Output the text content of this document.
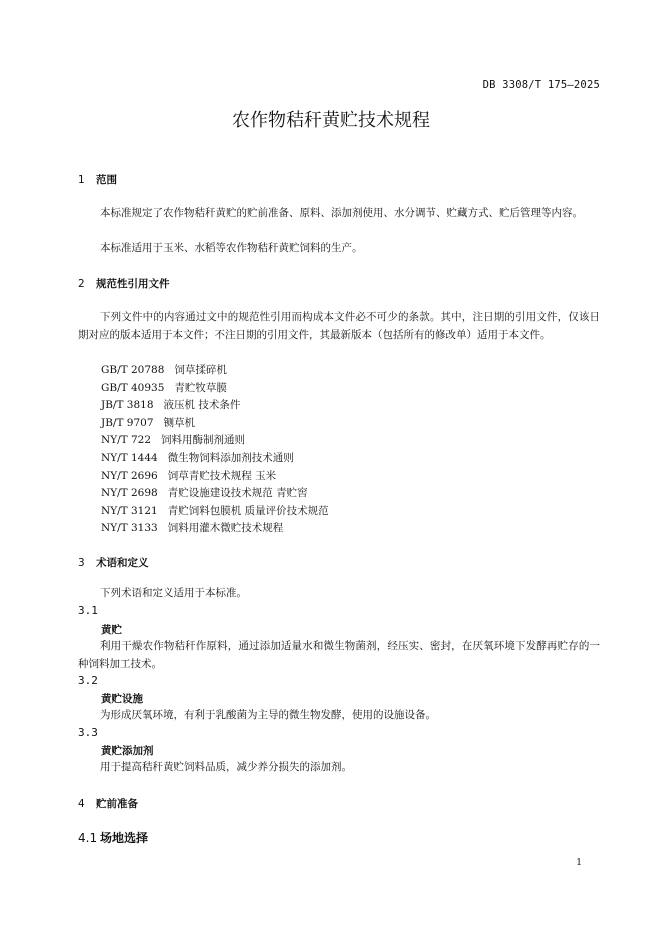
DB 3308/T 175—2025
农作物秸秆黄贮技术规程
1 范围

本标准规定了农作物秸秆黄贮的贮前准备、原料、添加剂使用、水分调节、贮藏方式、贮后管理等内容。

本标准适用于玉米、水稻等农作物秸秆黄贮饲料的生产。

2 规范性引用文件

下列文件中的内容通过文中的规范性引用而构成本文件必不可少的条款。其中，注日期的引用文件，仅该日期对应的版本适用于本文件；不注日期的引用文件，其最新版本（包括所有的修改单）适用于本文件。

GB/T 20788 饲草揉碎机
GB/T 40935 青贮牧草膜
JB/T 3818 液压机 技术条件
JB/T 9707 铡草机
NY/T 722 饲料用酶制剂通则
NY/T 1444 微生物饲料添加剂技术通则
NY/T 2696 饲草青贮技术规程 玉米
NY/T 2698 青贮设施建设技术规范 青贮窖
NY/T 3121 青贮饲料包膜机 质量评价技术规范
NY/T 3133 饲料用灌木微贮技术规程
3 术语和定义

下列术语和定义适用于本标准。

3.1
黄贮

利用干燥农作物秸秆作原料，通过添加适量水和微生物菌剂，经压实、密封，在厌氧环境下发酵再贮存的一种饲料加工技术。

3.2
黄贮设施

为形成厌氧环境，有利于乳酸菌为主导的微生物发酵，使用的设施设备。

3.3
黄贮添加剂

用于提高秸秆黄贮饲料品质，减少养分损失的添加剂。

4 贮前准备
4.1 场地选择
1
